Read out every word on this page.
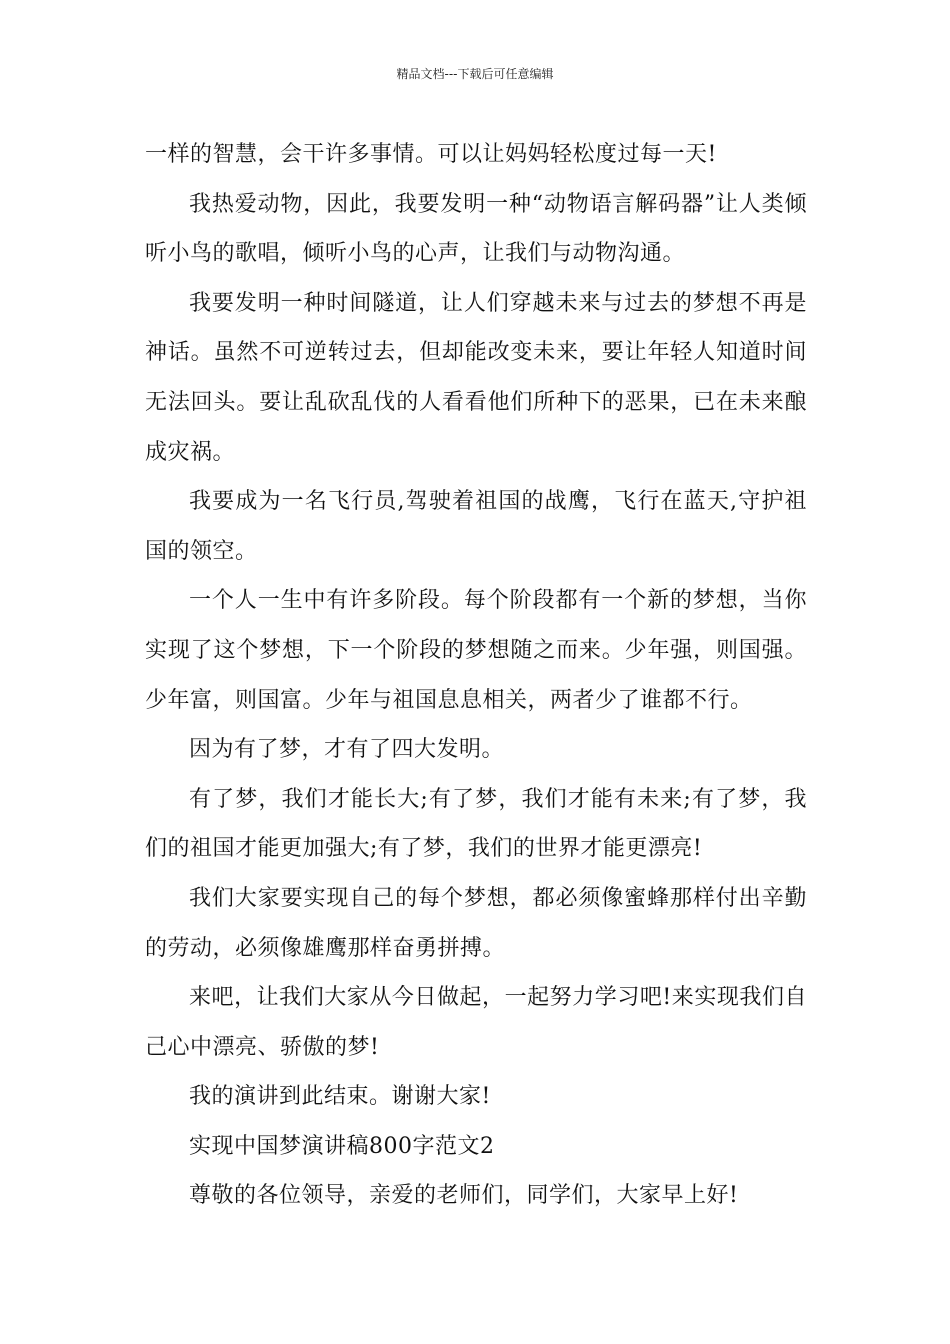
精品文档---下载后可任意编辑

一样的智慧，会干许多事情。可以让妈妈轻松度过每一天!

我热爱动物，因此，我要发明一种“动物语言解码器”让人类倾听小鸟的歌唱，倾听小鸟的心声，让我们与动物沟通。

我要发明一种时间隧道，让人们穿越未来与过去的梦想不再是神话。虽然不可逆转过去，但却能改变未来，要让年轻人知道时间无法回头。要让乱砍乱伐的人看看他们所种下的恶果，已在未来酿成灾祸。

我要成为一名飞行员,驾驶着祖国的战鹰，飞行在蓝天,守护祖国的领空。

一个人一生中有许多阶段。每个阶段都有一个新的梦想，当你实现了这个梦想，下一个阶段的梦想随之而来。少年强，则国强。少年富，则国富。少年与祖国息息相关，两者少了谁都不行。

因为有了梦，才有了四大发明。

有了梦，我们才能长大;有了梦，我们才能有未来;有了梦，我们的祖国才能更加强大;有了梦，我们的世界才能更漂亮!

我们大家要实现自己的每个梦想，都必须像蜜蜂那样付出辛勤的劳动，必须像雄鹰那样奋勇拼搏。

来吧，让我们大家从今日做起，一起努力学习吧!来实现我们自己心中漂亮、骄傲的梦!

我的演讲到此结束。谢谢大家!

实现中国梦演讲稿800字范文2

尊敬的各位领导，亲爱的老师们，同学们，大家早上好!
